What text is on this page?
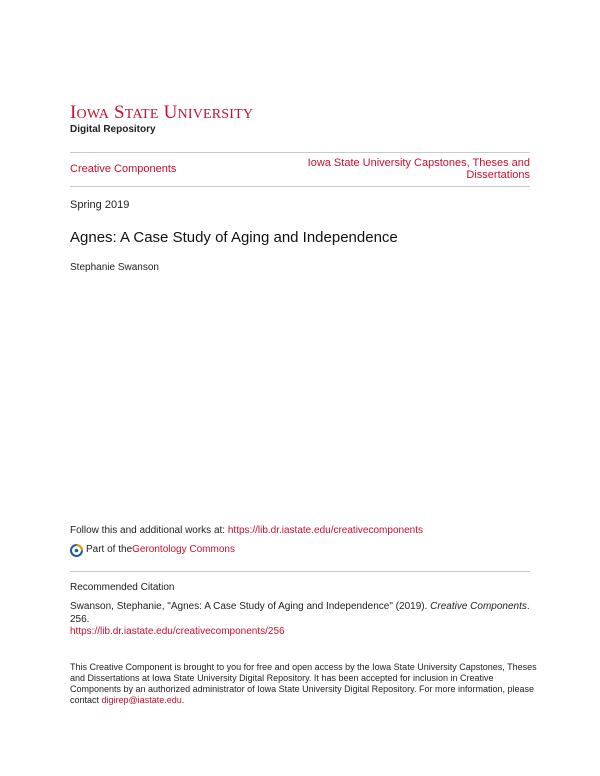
IOWA STATE UNIVERSITY
Digital Repository
Creative Components	Iowa State University Capstones, Theses and Dissertations
Spring 2019
Agnes: A Case Study of Aging and Independence
Stephanie Swanson
Follow this and additional works at: https://lib.dr.iastate.edu/creativecomponents
Part of the Gerontology Commons
Recommended Citation
Swanson, Stephanie, "Agnes: A Case Study of Aging and Independence" (2019). Creative Components. 256.
https://lib.dr.iastate.edu/creativecomponents/256
This Creative Component is brought to you for free and open access by the Iowa State University Capstones, Theses and Dissertations at Iowa State University Digital Repository. It has been accepted for inclusion in Creative Components by an authorized administrator of Iowa State University Digital Repository. For more information, please contact digirep@iastate.edu.
